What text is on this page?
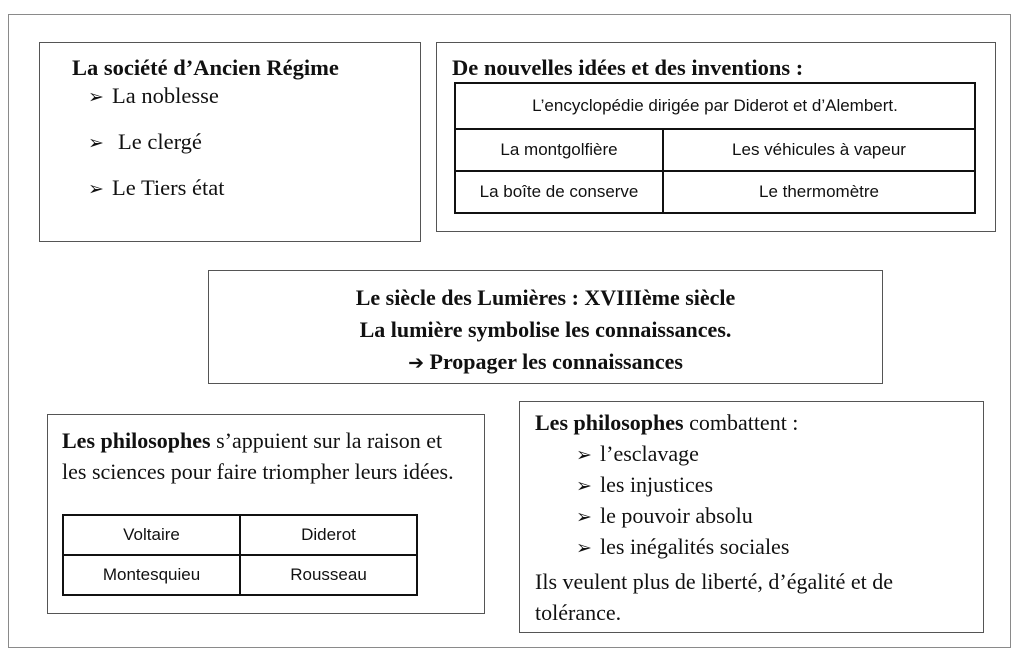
La société d’Ancien Régime
➢ La noblesse
➢ Le clergé
➢ Le Tiers état
De nouvelles idées et des inventions :
L’encyclopédie dirigée par Diderot et d’Alembert.	
La montgolfière	Les véhicules à vapeur
La boîte de conserve	Le thermomètre
Le siècle des Lumières : XVIIIème siècle
La lumière symbolise les connaissances.
➔ Propager les connaissances
Les philosophes s’appuient sur la raison et les sciences pour faire triompher leurs idées.
Voltaire	Diderot
Montesquieu	Rousseau
Les philosophes combattent :
➢ l’esclavage
➢ les injustices
➢ le pouvoir absolu
➢ les inégalités sociales
Ils veulent plus de liberté, d’égalité et de tolérance.
